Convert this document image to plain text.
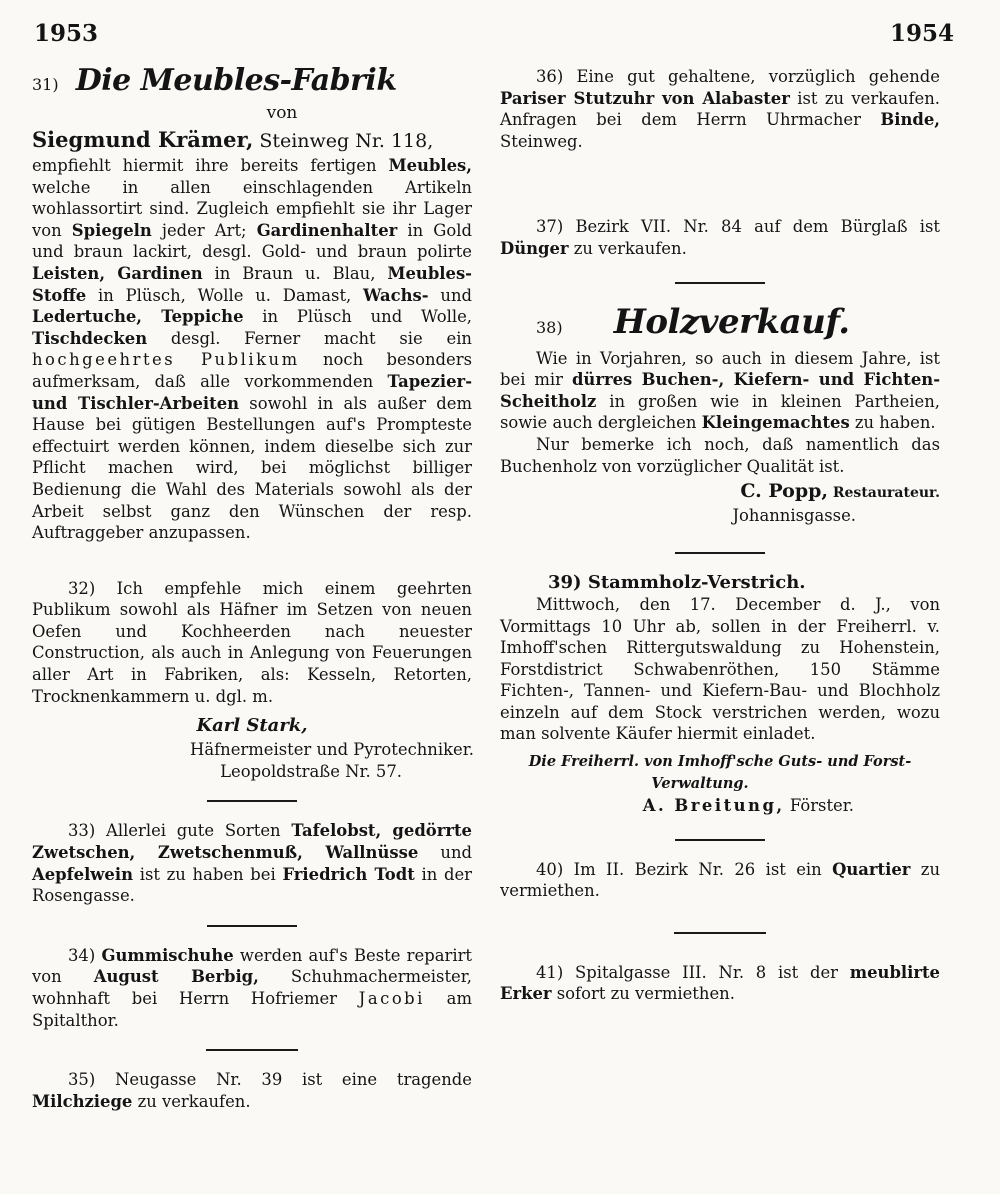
1953	1954
31) Die Meubles-Fabrik

von

Siegmund Krämer, Steinweg Nr. 118,

empfiehlt hiermit ihre bereits fertigen Meubles, welche in allen einschlagenden Artikeln wohlassortirt sind. Zugleich empfiehlt sie ihr Lager von Spiegeln jeder Art; Gardinenhalter in Gold und braun lackirt, desgl. Gold- und braun polirte Leisten, Gardinen in Braun u. Blau, Meubles-Stoffe in Plüsch, Wolle u. Damast, Wachs- und Ledertuche, Teppiche in Plüsch und Wolle, Tischdecken desgl. Ferner macht sie ein hochgeehrtes Publikum noch besonders aufmerksam, daß alle vorkommenden Tapezier- und Tischler-Arbeiten sowohl in als außer dem Hause bei gütigen Bestellungen auf's Prompteste effectuirt werden können, indem dieselbe sich zur Pflicht machen wird, bei möglichst billiger Bedienung die Wahl des Materials sowohl als der Arbeit selbst ganz den Wünschen der resp. Auftraggeber anzupassen.

32) Ich empfehle mich einem geehrten Publikum sowohl als Häfner im Setzen von neuen Oefen und Kochheerden nach neuester Construction, als auch in Anlegung von Feuerungen aller Art in Fabriken, als: Kesseln, Retorten, Trocknenkammern u. dgl. m.

Karl Stark,

Häfnermeister und Pyrotechniker.

Leopoldstraße Nr. 57.

33) Allerlei gute Sorten Tafelobst, gedörrte Zwetschen, Zwetschenmuß, Wallnüsse und Aepfelwein ist zu haben bei Friedrich Todt in der Rosengasse.

34) Gummischuhe werden auf's Beste reparirt von August Berbig, Schuhmachermeister, wohnhaft bei Herrn Hofriemer Jacobi am Spitalthor.

35) Neugasse Nr. 39 ist eine tragende Milchziege zu verkaufen.

36) Eine gut gehaltene, vorzüglich gehende Pariser Stutzuhr von Alabaster ist zu verkaufen. Anfragen bei dem Herrn Uhrmacher Binde, Steinweg.

37) Bezirk VII. Nr. 84 auf dem Bürglaß ist Dünger zu verkaufen.

38) Holzverkauf.

Wie in Vorjahren, so auch in diesem Jahre, ist bei mir dürres Buchen-, Kiefern- und Fichten-Scheitholz in großen wie in kleinen Partheien, sowie auch dergleichen Kleingemachtes zu haben.

Nur bemerke ich noch, daß namentlich das Buchenholz von vorzüglicher Qualität ist.

C. Popp, Restaurateur.

Johannisgasse.

39) Stammholz-Verstrich.

Mittwoch, den 17. December d. J., von Vormittags 10 Uhr ab, sollen in der Freiherrl. v. Imhoff'schen Rittergutswaldung zu Hohenstein, Forstdistrict Schwabenröthen, 150 Stämme Fichten-, Tannen- und Kiefern-Bau- und Blochholz einzeln auf dem Stock verstrichen werden, wozu man solvente Käufer hiermit einladet.

Die Freiherrl. von Imhoff'sche Guts- und Forst-

Verwaltung.

A. Breitung, Förster.

40) Im II. Bezirk Nr. 26 ist ein Quartier zu vermiethen.

41) Spitalgasse III. Nr. 8 ist der meublirte Erker sofort zu vermiethen.
